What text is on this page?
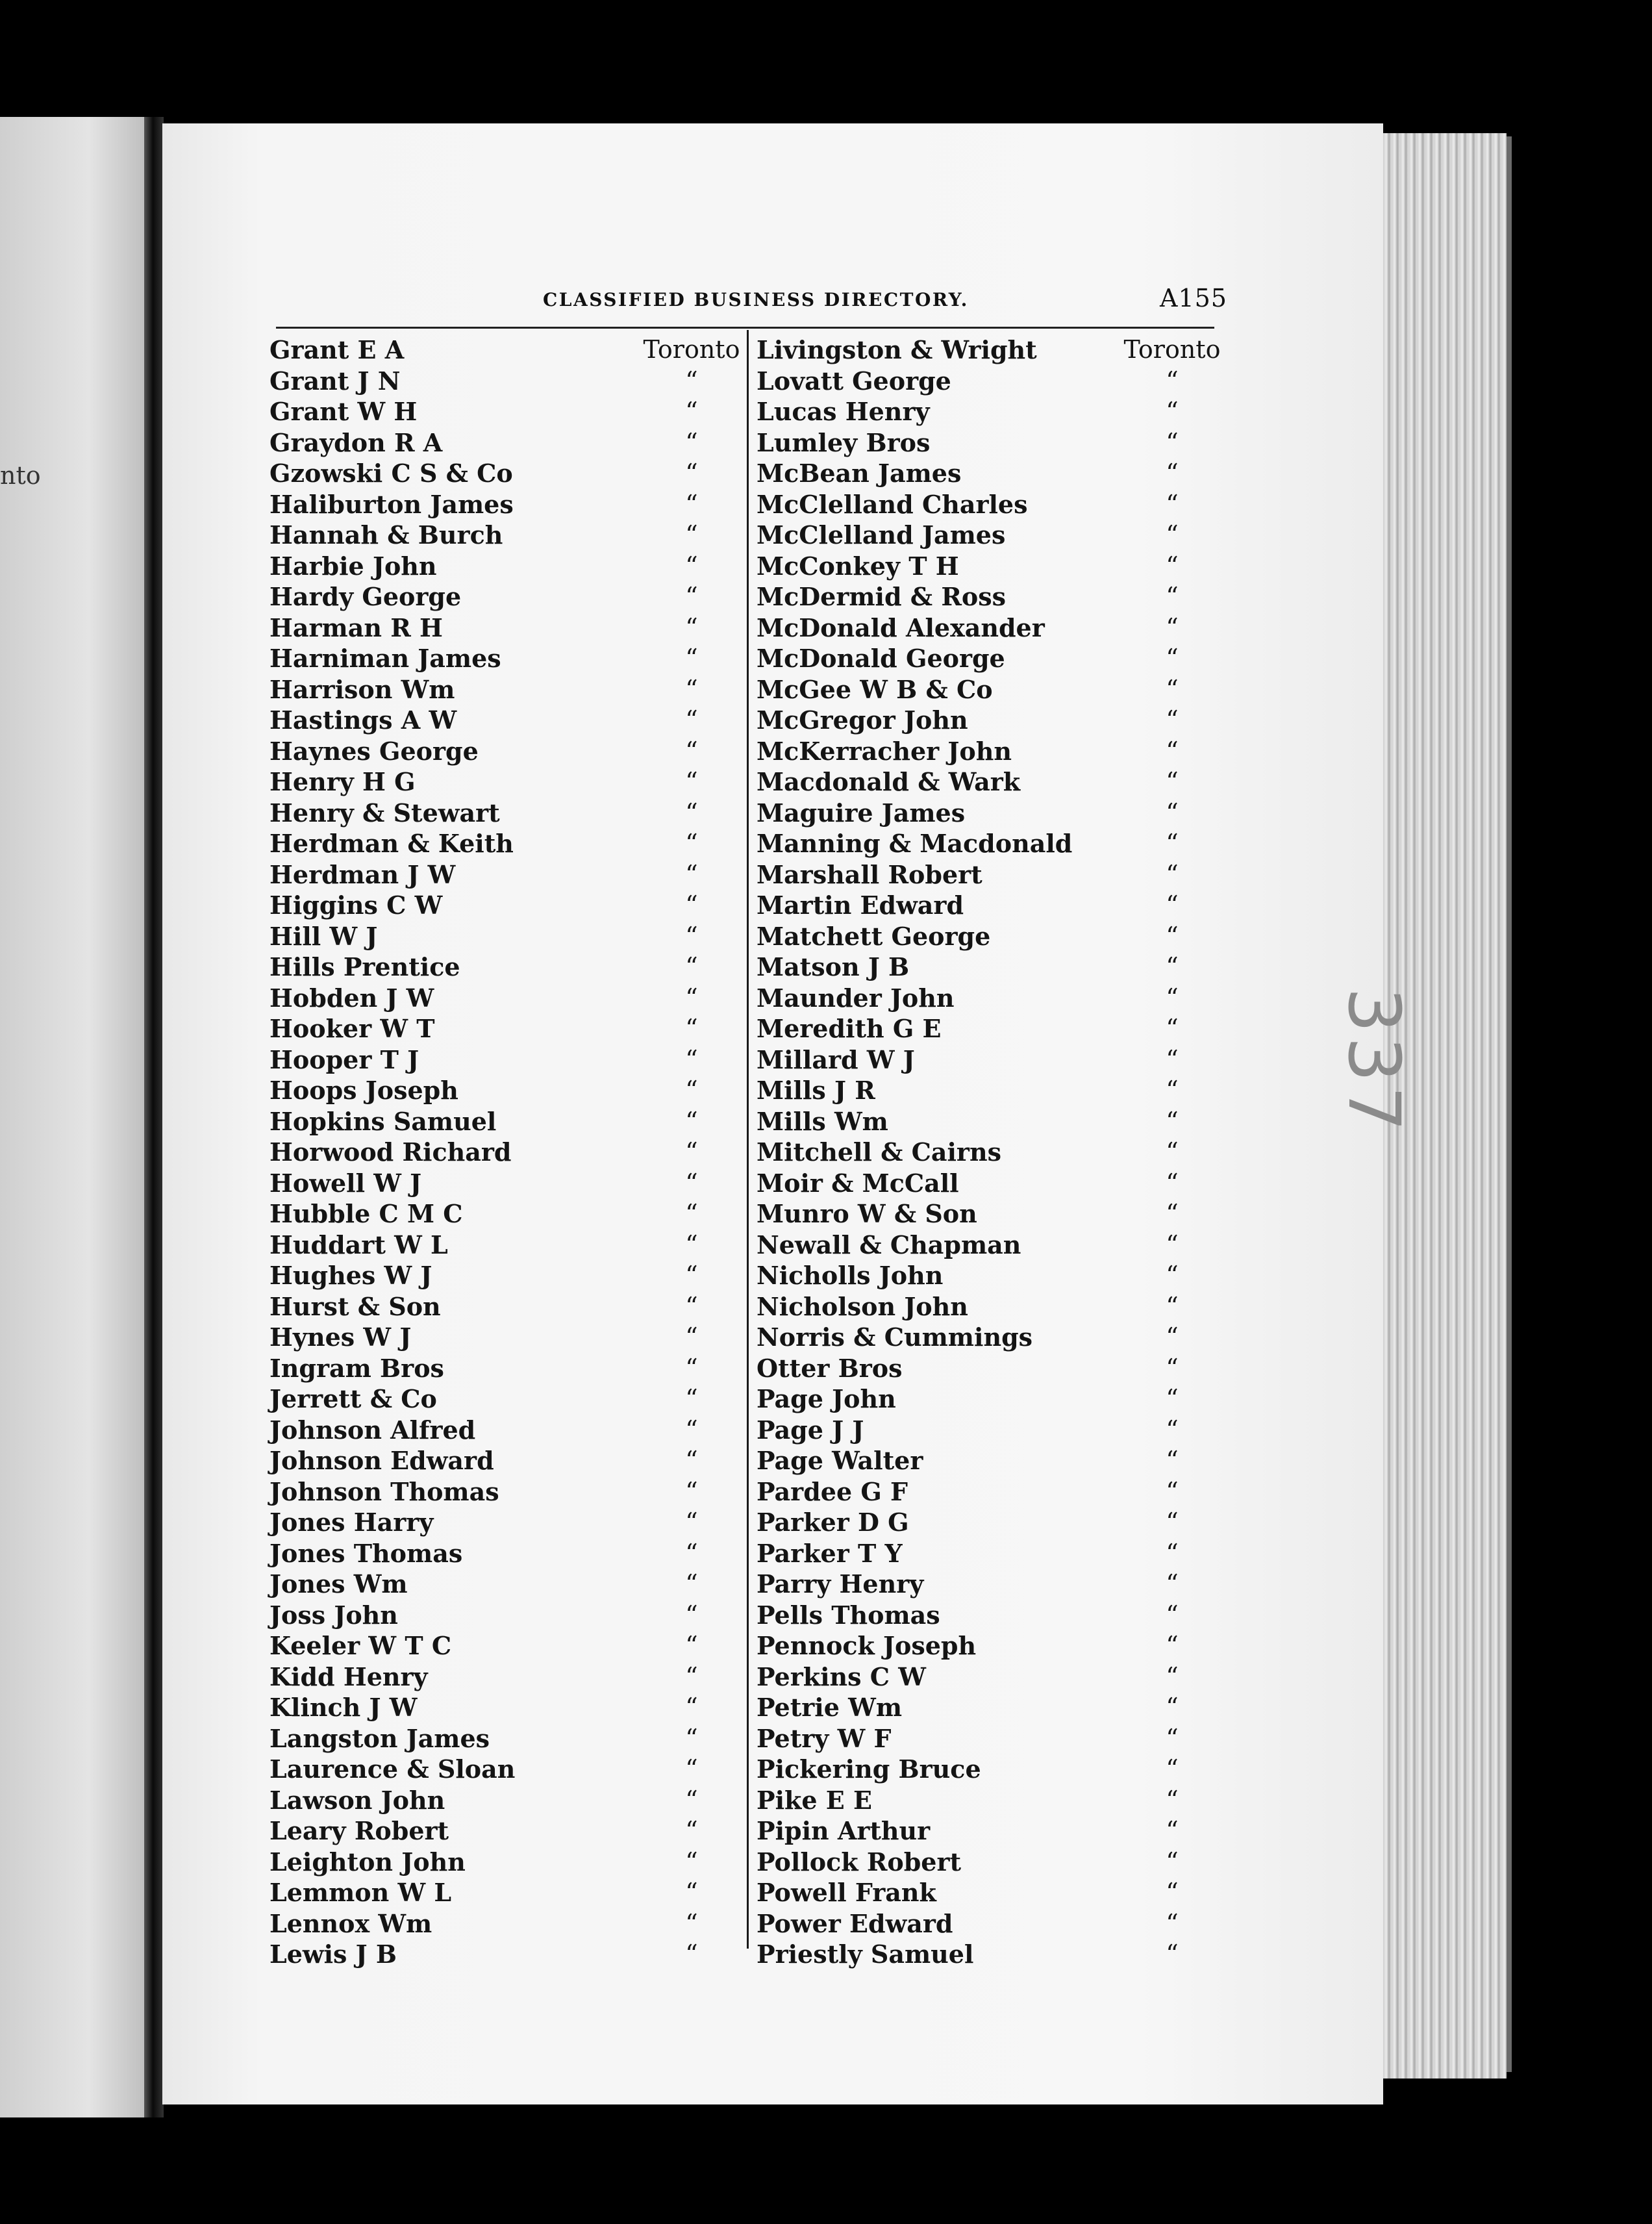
nto
337
CLASSIFIED BUSINESS DIRECTORY.	A155
Grant E A	Toronto
Grant J N	“
Grant W H	“
Graydon R A	“
Gzowski C S & Co	“
Haliburton James	“
Hannah & Burch	“
Harbie John	“
Hardy George	“
Harman R H	“
Harniman James	“
Harrison Wm	“
Hastings A W	“
Haynes George	“
Henry H G	“
Henry & Stewart	“
Herdman & Keith	“
Herdman J W	“
Higgins C W	“
Hill W J	“
Hills Prentice	“
Hobden J W	“
Hooker W T	“
Hooper T J	“
Hoops Joseph	“
Hopkins Samuel	“
Horwood Richard	“
Howell W J	“
Hubble C M C	“
Huddart W L	“
Hughes W J	“
Hurst & Son	“
Hynes W J	“
Ingram Bros	“
Jerrett & Co	“
Johnson Alfred	“
Johnson Edward	“
Johnson Thomas	“
Jones Harry	“
Jones Thomas	“
Jones Wm	“
Joss John	“
Keeler W T C	“
Kidd Henry	“
Klinch J W	“
Langston James	“
Laurence & Sloan	“
Lawson John	“
Leary Robert	“
Leighton John	“
Lemmon W L	“
Lennox Wm	“
Lewis J B	“
Livingston & Wright	Toronto
Lovatt George	“
Lucas Henry	“
Lumley Bros	“
McBean James	“
McClelland Charles	“
McClelland James	“
McConkey T H	“
McDermid & Ross	“
McDonald Alexander	“
McDonald George	“
McGee W B & Co	“
McGregor John	“
McKerracher John	“
Macdonald & Wark	“
Maguire James	“
Manning & Macdonald	“
Marshall Robert	“
Martin Edward	“
Matchett George	“
Matson J B	“
Maunder John	“
Meredith G E	“
Millard W J	“
Mills J R	“
Mills Wm	“
Mitchell & Cairns	“
Moir & McCall	“
Munro W & Son	“
Newall & Chapman	“
Nicholls John	“
Nicholson John	“
Norris & Cummings	“
Otter Bros	“
Page John	“
Page J J	“
Page Walter	“
Pardee G F	“
Parker D G	“
Parker T Y	“
Parry Henry	“
Pells Thomas	“
Pennock Joseph	“
Perkins C W	“
Petrie Wm	“
Petry W F	“
Pickering Bruce	“
Pike E E	“
Pipin Arthur	“
Pollock Robert	“
Powell Frank	“
Power Edward	“
Priestly Samuel	“
